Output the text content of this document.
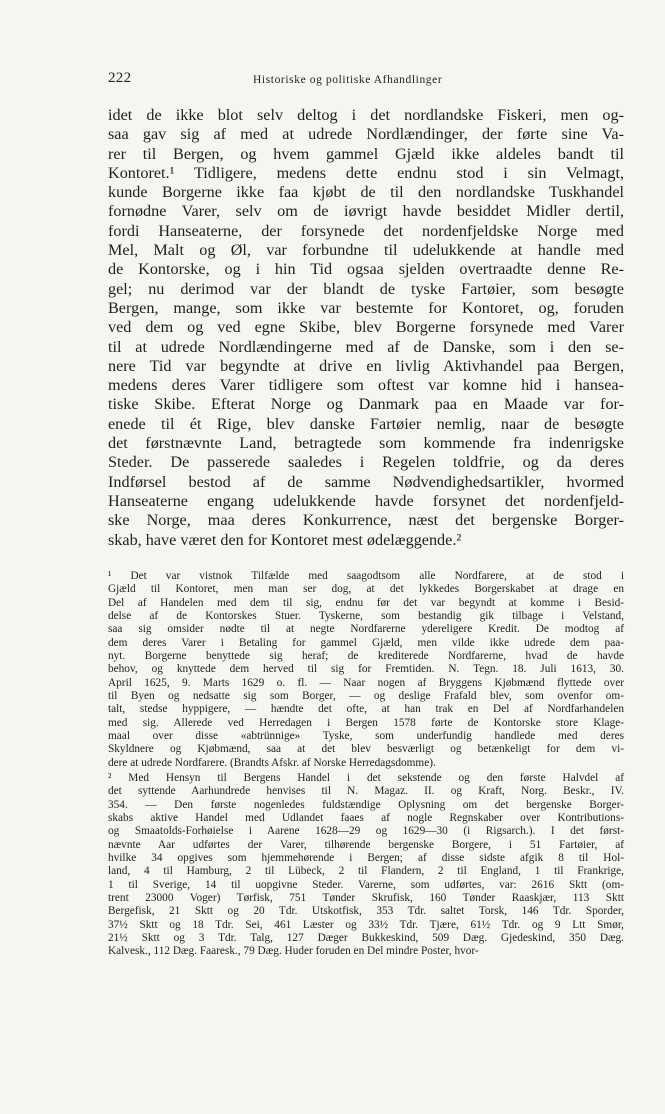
222	Historiske og politiske Afhandlinger
idet de ikke blot selv deltog i det nordlandske Fiskeri, men og-
saa gav sig af med at udrede Nordlændinger, der førte sine Va-
rer til Bergen, og hvem gammel Gjæld ikke aldeles bandt til
Kontoret.¹ Tidligere, medens dette endnu stod i sin Velmagt,
kunde Borgerne ikke faa kjøbt de til den nordlandske Tuskhandel
fornødne Varer, selv om de iøvrigt havde besiddet Midler dertil,
fordi Hanseaterne, der forsynede det nordenfjeldske Norge med
Mel, Malt og Øl, var forbundne til udelukkende at handle med
de Kontorske, og i hin Tid ogsaa sjelden overtraadte denne Re-
gel; nu derimod var der blandt de tyske Fartøier, som besøgte
Bergen, mange, som ikke var bestemte for Kontoret, og, foruden
ved dem og ved egne Skibe, blev Borgerne forsynede med Varer
til at udrede Nordlændingerne med af de Danske, som i den se-
nere Tid var begyndte at drive en livlig Aktivhandel paa Bergen,
medens deres Varer tidligere som oftest var komne hid i hansea-
tiske Skibe. Efterat Norge og Danmark paa en Maade var for-
enede til ét Rige, blev danske Fartøier nemlig, naar de besøgte
det førstnævnte Land, betragtede som kommende fra indenrigske
Steder. De passerede saaledes i Regelen toldfrie, og da deres
Indførsel bestod af de samme Nødvendighedsartikler, hvormed
Hanseaterne engang udelukkende havde forsynet det nordenfjeld-
ske Norge, maa deres Konkurrence, næst det bergenske Borger-
skab, have været den for Kontoret mest ødelæggende.²
¹ Det var vistnok Tilfælde med saagodtsom alle Nordfarere, at de stod i
Gjæld til Kontoret, men man ser dog, at det lykkedes Borgerskabet at drage en
Del af Handelen med dem til sig, endnu før det var begyndt at komme i Besid-
delse af de Kontorskes Stuer. Tyskerne, som bestandig gik tilbage i Velstand,
saa sig omsider nødte til at negte Nordfarerne ydereligere Kredit. De modtog af
dem deres Varer i Betaling for gammel Gjæld, men vilde ikke udrede dem paa-
nyt. Borgerne benyttede sig heraf; de krediterede Nordfarerne, hvad de havde
behov, og knyttede dem herved til sig for Fremtiden. N. Tegn. 18. Juli 1613, 30.
April 1625, 9. Marts 1629 o. fl. — Naar nogen af Bryggens Kjøbmænd flyttede over
til Byen og nedsatte sig som Borger, — og deslige Frafald blev, som ovenfor om-
talt, stedse hyppigere, — hændte det ofte, at han trak en Del af Nordfarhandelen
med sig. Allerede ved Herredagen i Bergen 1578 førte de Kontorske store Klage-
maal over disse «abtrünnige» Tyske, som underfundig handlede med deres
Skyldnere og Kjøbmænd, saa at det blev besværligt og betænkeligt for dem vi-
dere at udrede Nordfarere. (Brandts Afskr. af Norske Herredagsdomme).
² Med Hensyn til Bergens Handel i det sekstende og den første Halvdel af
det syttende Aarhundrede henvises til N. Magaz. II. og Kraft, Norg. Beskr., IV.
354. — Den første nogenledes fuldstændige Oplysning om det bergenske Borger-
skabs aktive Handel med Udlandet faaes af nogle Regnskaber over Kontributions-
og Smaatolds-Forhøielse i Aarene 1628—29 og 1629—30 (i Rigsarch.). I det først-
nævnte Aar udførtes der Varer, tilhørende bergenske Borgere, i 51 Fartøier, af
hvilke 34 opgives som hjemmehørende i Bergen; af disse sidste afgik 8 til Hol-
land, 4 til Hamburg, 2 til Lübeck, 2 til Flandern, 2 til England, 1 til Frankrige,
1 til Sverige, 14 til uopgivne Steder. Varerne, som udførtes, var: 2616 Sktt (om-
trent 23000 Voger) Tørfisk, 751 Tønder Skrufisk, 160 Tønder Raaskjær, 113 Sktt
Bergefisk, 21 Sktt og 20 Tdr. Utskotfisk, 353 Tdr. saltet Torsk, 146 Tdr. Sporder,
37½ Sktt og 18 Tdr. Sei, 461 Læster og 33½ Tdr. Tjære, 61½ Tdr. og 9 Ltt Smør,
21½ Sktt og 3 Tdr. Talg, 127 Dæger Bukkeskind, 509 Dæg. Gjedeskind, 350 Dæg.
Kalvesk., 112 Dæg. Faaresk., 79 Dæg. Huder foruden en Del mindre Poster, hvor-
